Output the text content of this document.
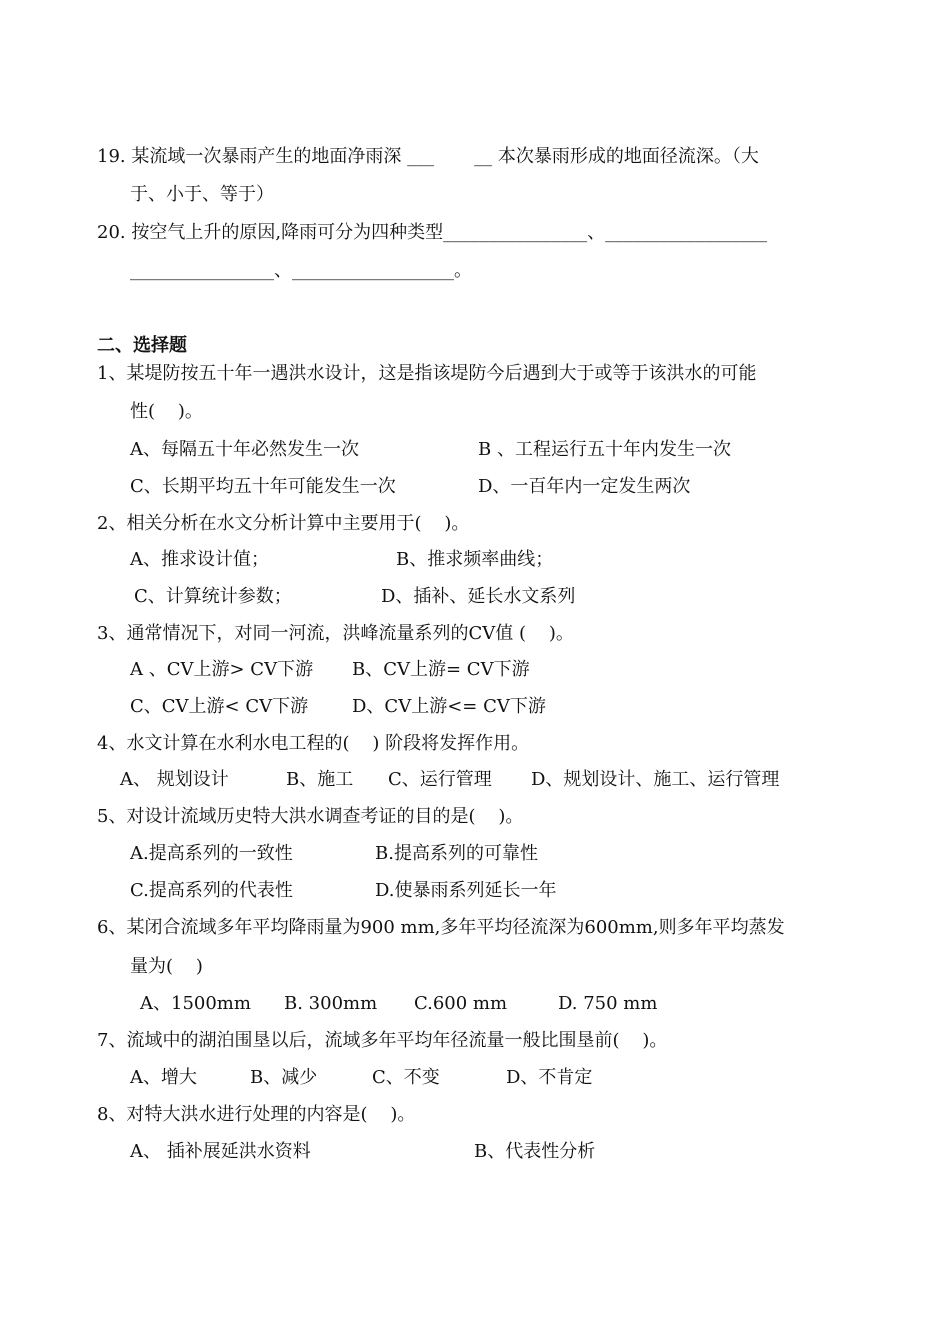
19. 某流域一次暴雨产生的地面净雨深 ___       __ 本次暴雨形成的地面径流深。（大
于、小于、等于）
20. 按空气上升的原因,降雨可分为四种类型________________、__________________
________________、__________________。
二、选择题
1、某堤防按五十年一遇洪水设计，这是指该堤防今后遇到大于或等于该洪水的可能
性(    )。
A、每隔五十年必然发生一次	B 、工程运行五十年内发生一次
C、长期平均五十年可能发生一次	D、一百年内一定发生两次
2、相关分析在水文分析计算中主要用于(    )。
A、推求设计值；	B、推求频率曲线；
C、计算统计参数；	D、插补、延长水文系列
3、通常情况下，对同一河流，洪峰流量系列的CV值 (    )。
A 、CV上游> CV下游 B、CV上游= CV下游
C、CV上游< CV下游 D、CV上游<= CV下游
4、水文计算在水利水电工程的(    ) 阶段将发挥作用。
A、 规划设计	B、施工 C、运行管理 D、规划设计、施工、运行管理
5、对设计流域历史特大洪水调查考证的目的是(    )。
A.提高系列的一致性	B.提高系列的可靠性
C.提高系列的代表性	D.使暴雨系列延长一年
6、某闭合流域多年平均降雨量为900 mm,多年平均径流深为600mm,则多年平均蒸发
量为(    )
A、1500mm B. 300mm C.600 mm	D. 750 mm
7、流域中的湖泊围垦以后，流域多年平均年径流量一般比围垦前(    )。
A、增大	B、减少	C、不变	D、不肯定
8、对特大洪水进行处理的内容是(    )。
A、 插补展延洪水资料	B、代表性分析
